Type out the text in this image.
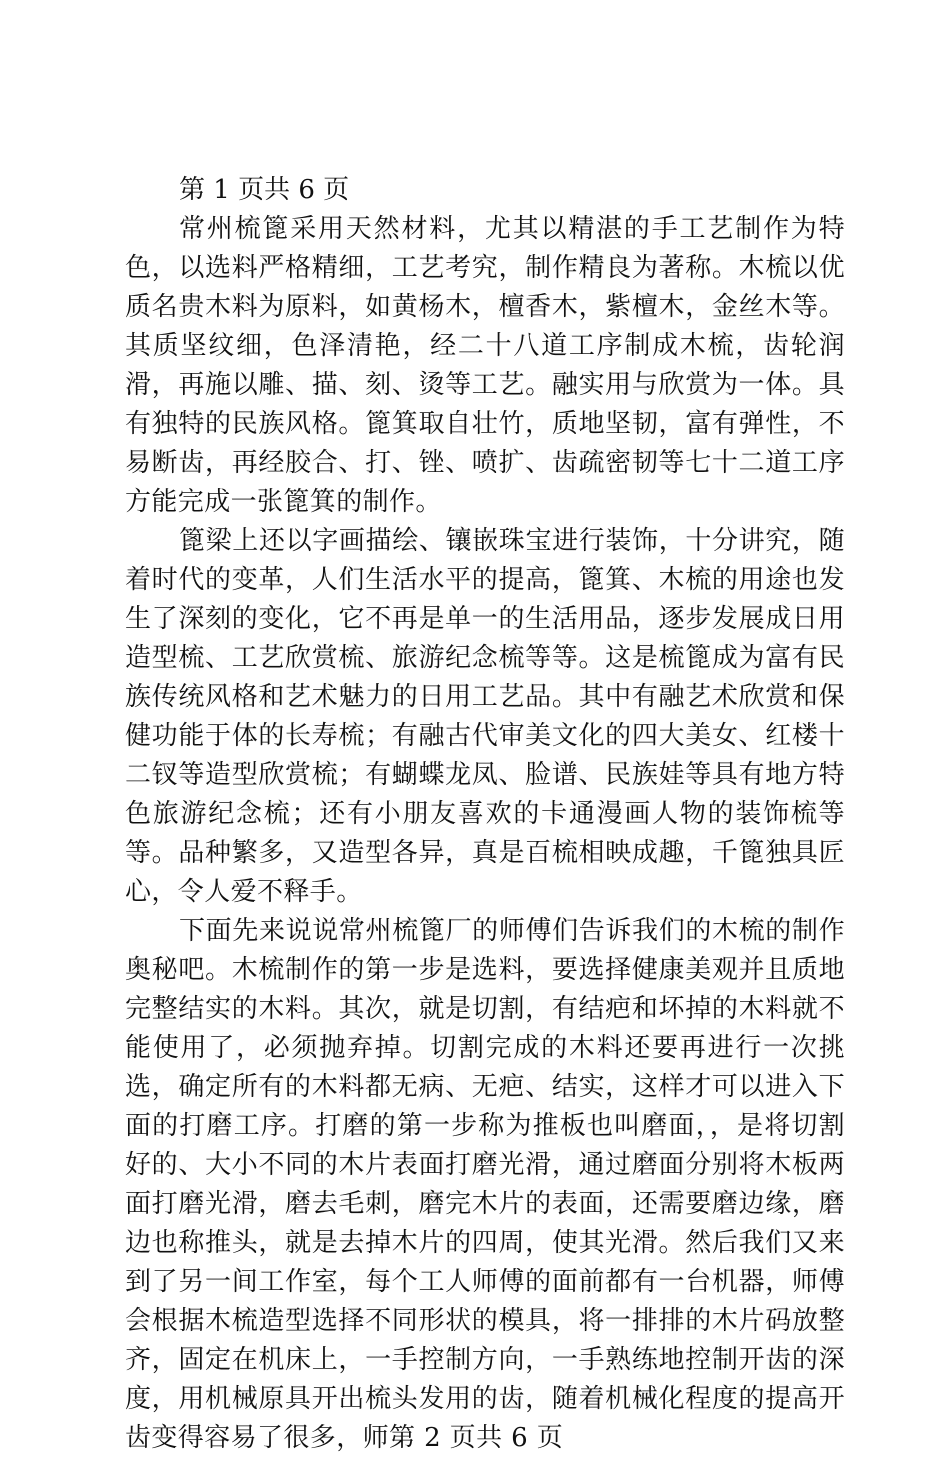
第 1 页共 6 页

常州梳篦采用天然材料，尤其以精湛的手工艺制作为特色，以选料严格精细，工艺考究，制作精良为著称。木梳以优质名贵木料为原料，如黄杨木，檀香木，紫檀木，金丝木等。其质坚纹细，色泽清艳，经二十八道工序制成木梳，齿轮润滑，再施以雕、描、刻、烫等工艺。融实用与欣赏为一体。具有独特的民族风格。篦箕取自壮竹，质地坚韧，富有弹性，不易断齿，再经胶合、打、锉、喷扩、齿疏密韧等七十二道工序方能完成一张篦箕的制作。

篦梁上还以字画描绘、镶嵌珠宝进行装饰，十分讲究，随着时代的变革，人们生活水平的提高，篦箕、木梳的用途也发生了深刻的变化，它不再是单一的生活用品，逐步发展成日用造型梳、工艺欣赏梳、旅游纪念梳等等。这是梳篦成为富有民族传统风格和艺术魅力的日用工艺品。其中有融艺术欣赏和保健功能于体的长寿梳；有融古代审美文化的四大美女、红楼十二钗等造型欣赏梳；有蝴蝶龙凤、脸谱、民族娃等具有地方特色旅游纪念梳；还有小朋友喜欢的卡通漫画人物的装饰梳等等。品种繁多，又造型各异，真是百梳相映成趣，千篦独具匠心，令人爱不释手。

下面先来说说常州梳篦厂的师傅们告诉我们的木梳的制作奥秘吧。木梳制作的第一步是选料，要选择健康美观并且质地完整结实的木料。其次，就是切割，有结疤和坏掉的木料就不能使用了，必须抛弃掉。切割完成的木料还要再进行一次挑选，确定所有的木料都无病、无疤、结实，这样才可以进入下面的打磨工序。打磨的第一步称为推板也叫磨面，，是将切割好的、大小不同的木片表面打磨光滑，通过磨面分别将木板两面打磨光滑，磨去毛刺，磨完木片的表面，还需要磨边缘，磨边也称推头，就是去掉木片的四周，使其光滑。然后我们又来到了另一间工作室，每个工人师傅的面前都有一台机器，师傅会根据木梳造型选择不同形状的模具，将一排排的木片码放整齐，固定在机床上，一手控制方向，一手熟练地控制开齿的深度，用机械原具开出梳头发用的齿，随着机械化程度的提高开齿变得容易了很多，师第 2 页共 6 页
